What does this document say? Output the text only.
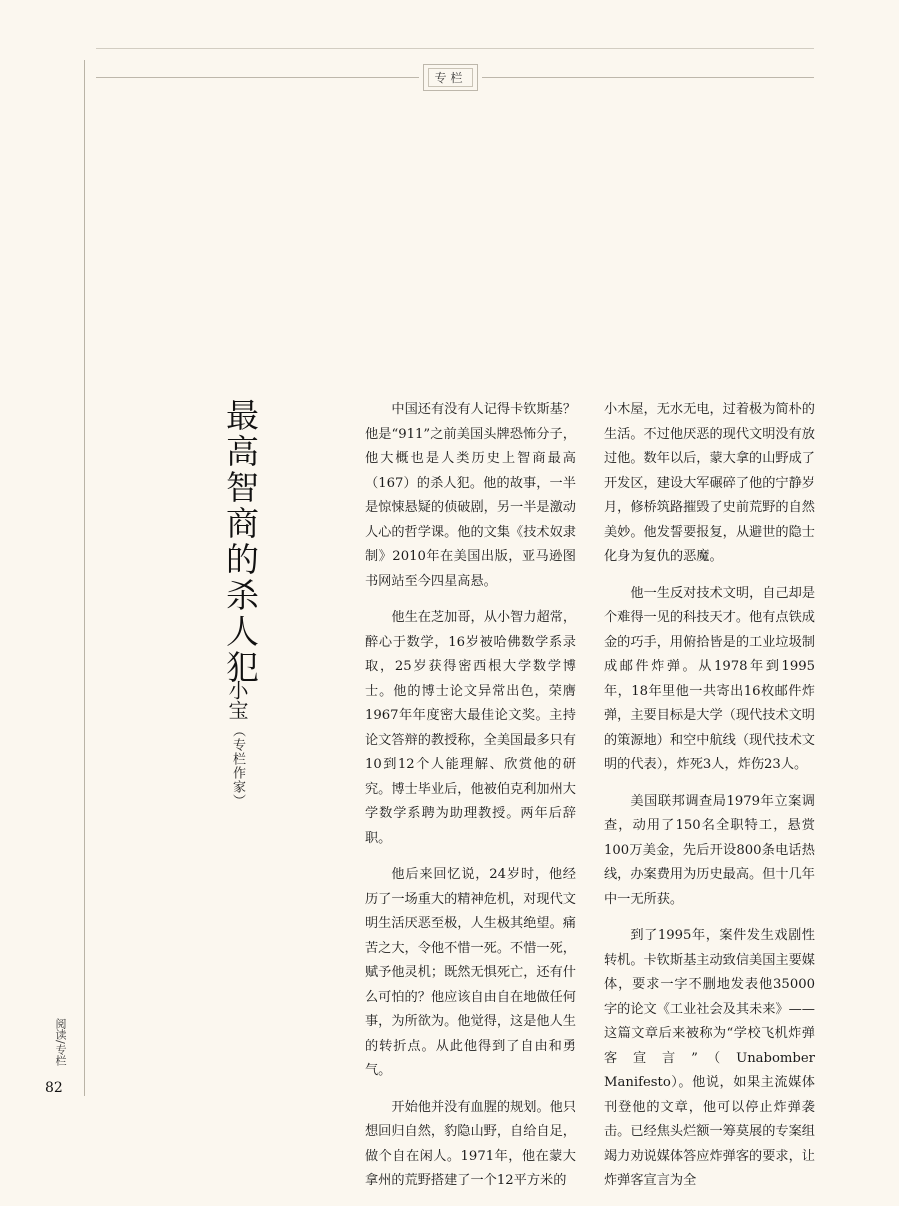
专栏
最高智商的杀人犯
小宝
（专栏作家）

中国还有没有人记得卡钦斯基？他是“911”之前美国头牌恐怖分子，他大概也是人类历史上智商最高（167）的杀人犯。他的故事，一半是惊悚悬疑的侦破剧，另一半是激动人心的哲学课。他的文集《技术奴隶制》2010年在美国出版，亚马逊图书网站至今四星高悬。

他生在芝加哥，从小智力超常，醉心于数学，16岁被哈佛数学系录取，25岁获得密西根大学数学博士。他的博士论文异常出色，荣膺1967年年度密大最佳论文奖。主持论文答辩的教授称，全美国最多只有10到12个人能理解、欣赏他的研究。博士毕业后，他被伯克利加州大学数学系聘为助理教授。两年后辞职。

他后来回忆说，24岁时，他经历了一场重大的精神危机，对现代文明生活厌恶至极，人生极其绝望。痛苦之大，令他不惜一死。不惜一死，赋予他灵机；既然无惧死亡，还有什么可怕的？他应该自由自在地做任何事，为所欲为。他觉得，这是他人生的转折点。从此他得到了自由和勇气。

开始他并没有血腥的规划。他只想回归自然，豹隐山野，自给自足，做个自在闲人。1971年，他在蒙大拿州的荒野搭建了一个12平方米的

小木屋，无水无电，过着极为简朴的生活。不过他厌恶的现代文明没有放过他。数年以后，蒙大拿的山野成了开发区，建设大军碾碎了他的宁静岁月，修桥筑路摧毁了史前荒野的自然美妙。他发誓要报复，从避世的隐士化身为复仇的恶魔。

他一生反对技术文明，自己却是个难得一见的科技天才。他有点铁成金的巧手，用俯拾皆是的工业垃圾制成邮件炸弹。从1978年到1995年，18年里他一共寄出16枚邮件炸弹，主要目标是大学（现代技术文明的策源地）和空中航线（现代技术文明的代表），炸死3人，炸伤23人。

美国联邦调查局1979年立案调查，动用了150名全职特工，悬赏100万美金，先后开设800条电话热线，办案费用为历史最高。但十几年中一无所获。

到了1995年，案件发生戏剧性转机。卡钦斯基主动致信美国主要媒体，要求一字不删地发表他35000字的论文《工业社会及其未来》——这篇文章后来被称为“学校飞机炸弹客宣言”（Unabomber Manifesto）。他说，如果主流媒体刊登他的文章，他可以停止炸弹袭击。已经焦头烂额一筹莫展的专案组竭力劝说媒体答应炸弹客的要求，让炸弹客宣言为全

阅读/专栏
82
